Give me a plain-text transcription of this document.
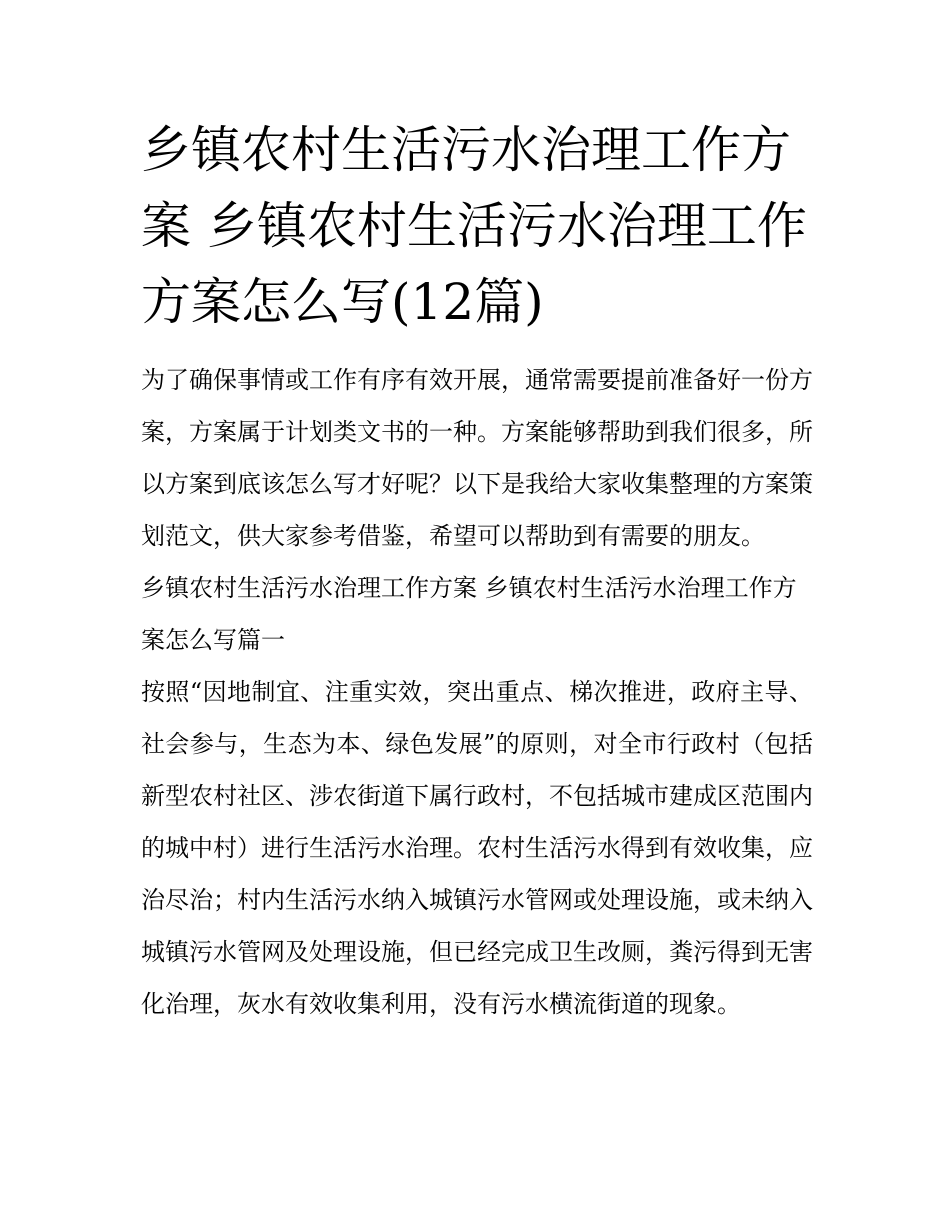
乡镇农村生活污水治理工作方案 乡镇农村生活污水治理工作方案怎么写(12篇)

为了确保事情或工作有序有效开展，通常需要提前准备好一份方案，方案属于计划类文书的一种。方案能够帮助到我们很多，所以方案到底该怎么写才好呢？以下是我给大家收集整理的方案策划范文，供大家参考借鉴，希望可以帮助到有需要的朋友。

乡镇农村生活污水治理工作方案 乡镇农村生活污水治理工作方案怎么写篇一

按照“因地制宜、注重实效，突出重点、梯次推进，政府主导、社会参与，生态为本、绿色发展”的原则，对全市行政村（包括新型农村社区、涉农街道下属行政村，不包括城市建成区范围内的城中村）进行生活污水治理。农村生活污水得到有效收集，应治尽治；村内生活污水纳入城镇污水管网或处理设施，或未纳入城镇污水管网及处理设施，但已经完成卫生改厕，粪污得到无害化治理，灰水有效收集利用，没有污水横流街道的现象。
